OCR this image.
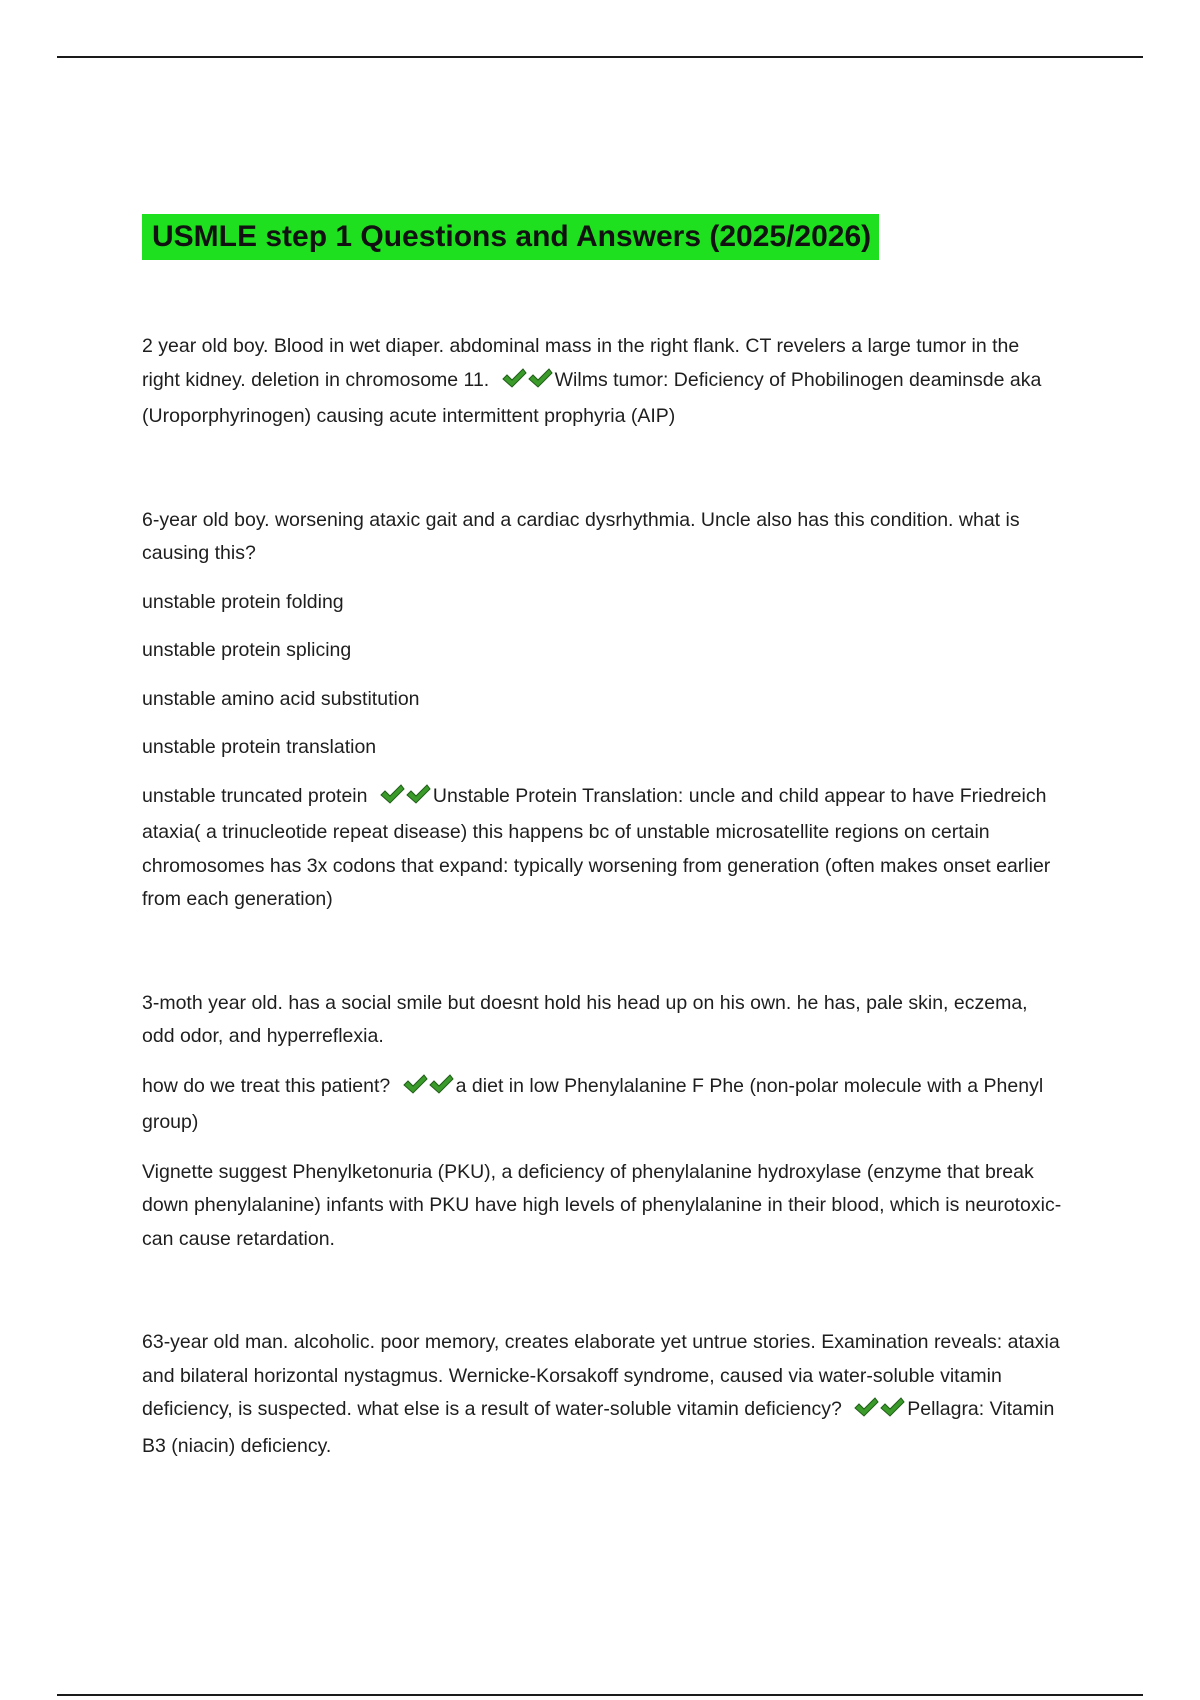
USMLE step 1 Questions and Answers (2025/2026)

2 year old boy. Blood in wet diaper. abdominal mass in the right flank. CT revelers a large tumor in the right kidney. deletion in chromosome 11.	Wilms tumor: Deficiency of Phobilinogen deaminsde aka (Uroporphyrinogen) causing acute intermittent prophyria (AIP)

6-year old boy. worsening ataxic gait and a cardiac dysrhythmia. Uncle also has this condition. what is causing this?

unstable protein folding

unstable protein splicing

unstable amino acid substitution

unstable protein translation

unstable truncated protein	Unstable Protein Translation: uncle and child appear to have Friedreich ataxia( a trinucleotide repeat disease) this happens bc of unstable microsatellite regions on certain chromosomes has 3x codons that expand: typically worsening from generation (often makes onset earlier from each generation)

3-moth year old. has a social smile but doesnt hold his head up on his own. he has, pale skin, eczema, odd odor, and hyperreflexia.

how do we treat this patient?	a diet in low Phenylalanine F Phe (non-polar molecule with a Phenyl group)

Vignette suggest Phenylketonuria (PKU), a deficiency of phenylalanine hydroxylase (enzyme that break down phenylalanine) infants with PKU have high levels of phenylalanine in their blood, which is neurotoxic- can cause retardation.

63-year old man. alcoholic. poor memory, creates elaborate yet untrue stories. Examination reveals: ataxia and bilateral horizontal nystagmus. Wernicke-Korsakoff syndrome, caused via water-soluble vitamin deficiency, is suspected. what else is a result of water-soluble vitamin deficiency?	Pellagra: Vitamin B3 (niacin) deficiency.
